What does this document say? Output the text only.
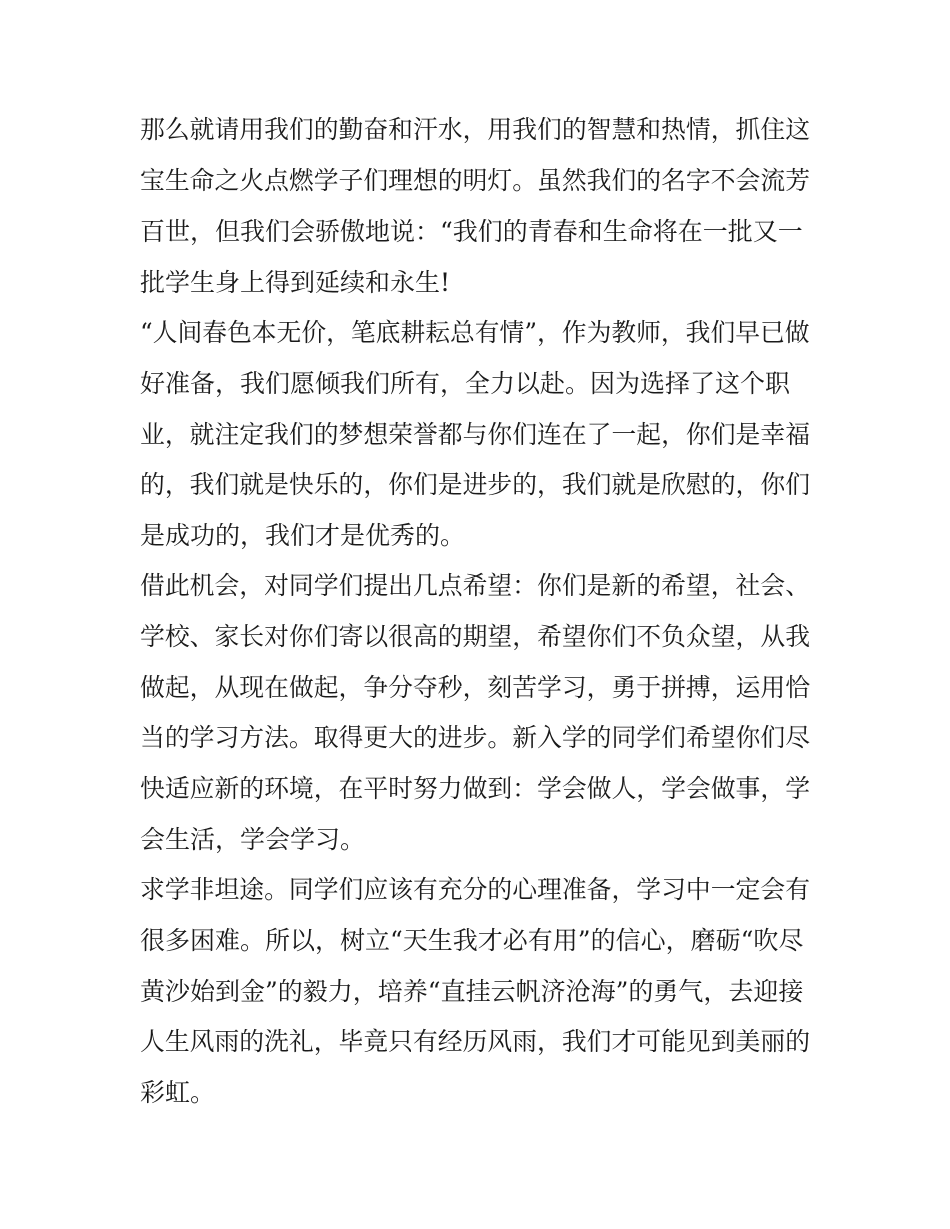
那么就请用我们的勤奋和汗水，用我们的智慧和热情，抓住这
宝生命之火点燃学子们理想的明灯。虽然我们的名字不会流芳
百世，但我们会骄傲地说：“我们的青春和生命将在一批又一
批学生身上得到延续和永生!
“人间春色本无价，笔底耕耘总有情”，作为教师，我们早已做
好准备，我们愿倾我们所有，全力以赴。因为选择了这个职
业，就注定我们的梦想荣誉都与你们连在了一起，你们是幸福
的，我们就是快乐的，你们是进步的，我们就是欣慰的，你们
是成功的，我们才是优秀的。
借此机会，对同学们提出几点希望：你们是新的希望，社会、
学校、家长对你们寄以很高的期望，希望你们不负众望，从我
做起，从现在做起，争分夺秒，刻苦学习，勇于拼搏，运用恰
当的学习方法。取得更大的进步。新入学的同学们希望你们尽
快适应新的环境，在平时努力做到：学会做人，学会做事，学
会生活，学会学习。
求学非坦途。同学们应该有充分的心理准备，学习中一定会有
很多困难。所以，树立“天生我才必有用”的信心，磨砺“吹尽
黄沙始到金”的毅力，培养“直挂云帆济沧海”的勇气，去迎接
人生风雨的洗礼，毕竟只有经历风雨，我们才可能见到美丽的
彩虹。
